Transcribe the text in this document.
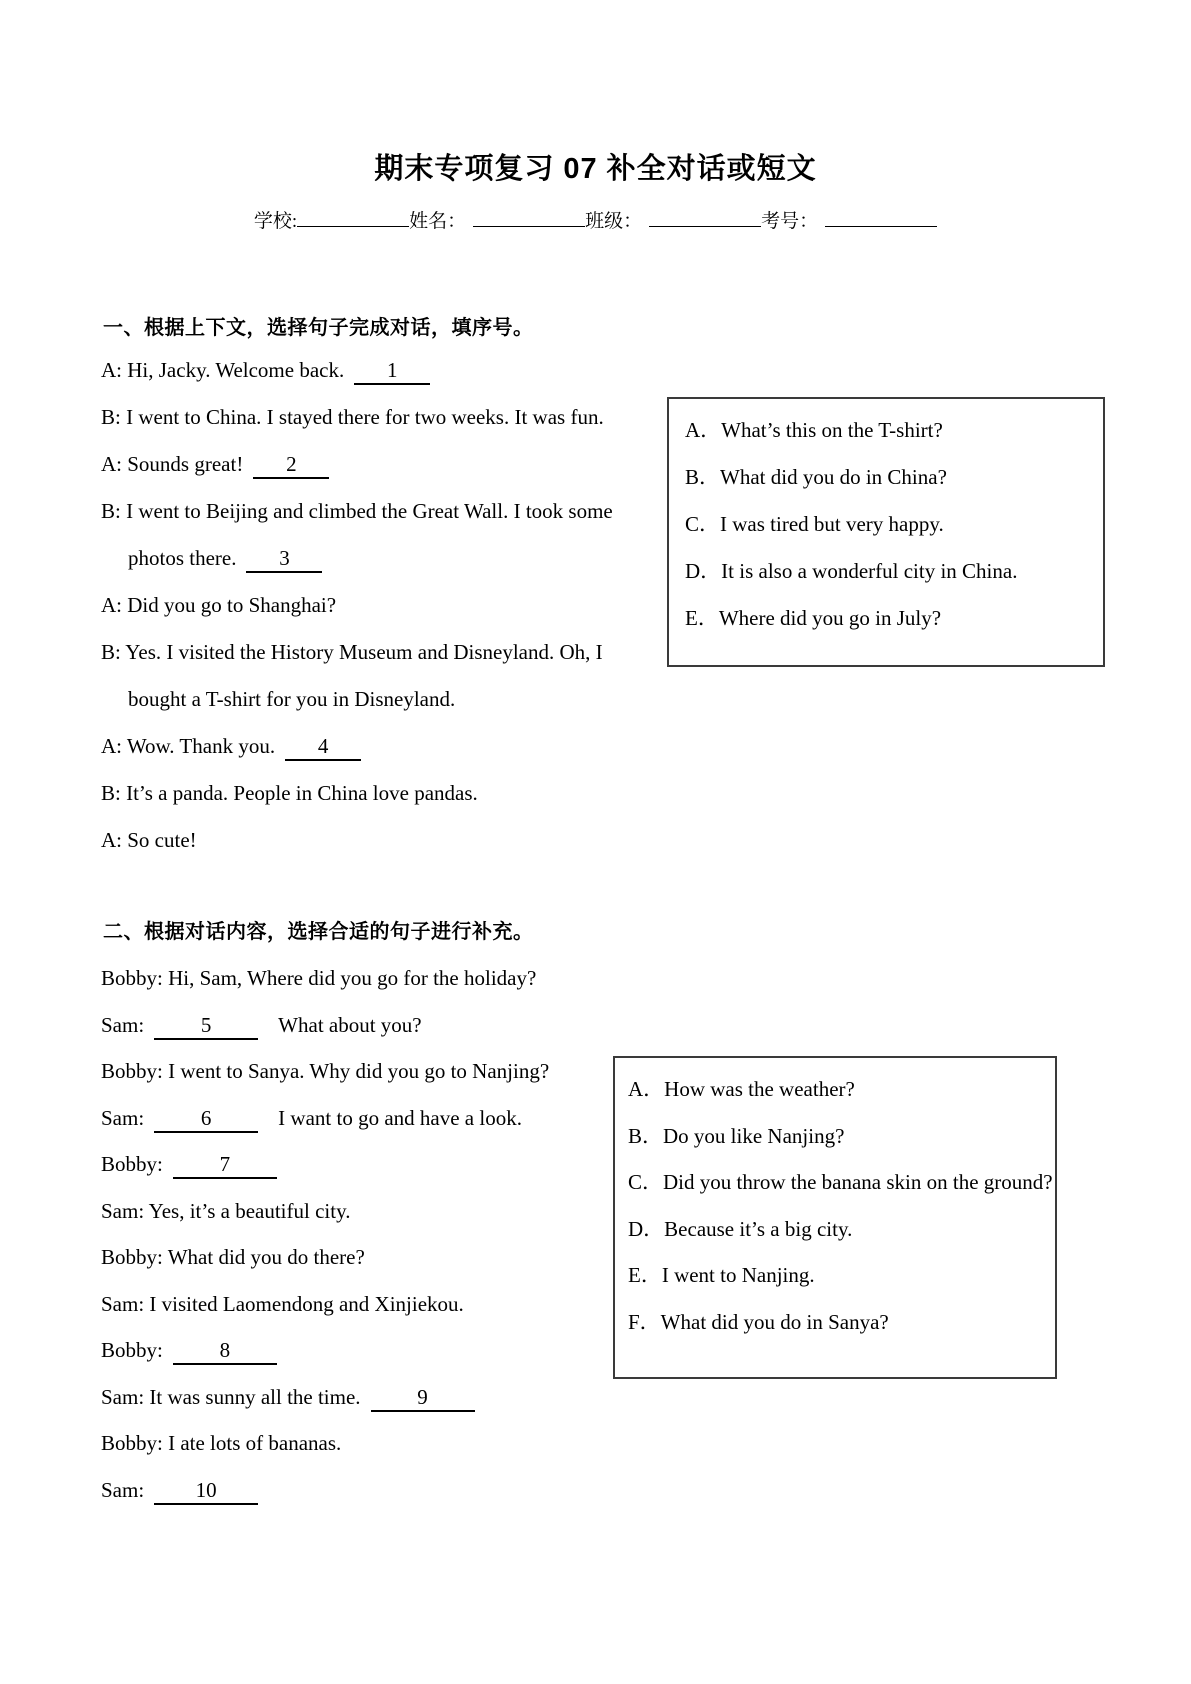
期末专项复习 07 补全对话或短文
学校:	姓名：	班级：	考号：
一、根据上下文，选择句子完成对话，填序号。
A: Hi, Jacky. Welcome back. 1
B: I went to China. I stayed there for two weeks. It was fun.
A: Sounds great! 2
B: I went to Beijing and climbed the Great Wall. I took some
photos there. 3
A: Did you go to Shanghai?
B: Yes. I visited the History Museum and Disneyland. Oh, I
bought a T-shirt for you in Disneyland.
A: Wow. Thank you. 4
B: It’s a panda. People in China love pandas.
A: So cute!
A．What’s this on the T-shirt?
B．What did you do in China?
C．I was tired but very happy.
D．It is also a wonderful city in China.
E．Where did you go in July?
二、根据对话内容，选择合适的句子进行补充。
Bobby: Hi, Sam, Where did you go for the holiday?
Sam:	5	What about you?
Bobby: I went to Sanya. Why did you go to Nanjing?
Sam:	6	I want to go and have a look.
Bobby:	7
Sam: Yes, it’s a beautiful city.
Bobby: What did you do there?
Sam: I visited Laomendong and Xinjiekou.
Bobby:	8
Sam: It was sunny all the time.	9
Bobby: I ate lots of bananas.
Sam: 10
A．How was the weather?
B．Do you like Nanjing?
C．Did you throw the banana skin on the ground?
D．Because it’s a big city.
E．I went to Nanjing.
F．What did you do in Sanya?
